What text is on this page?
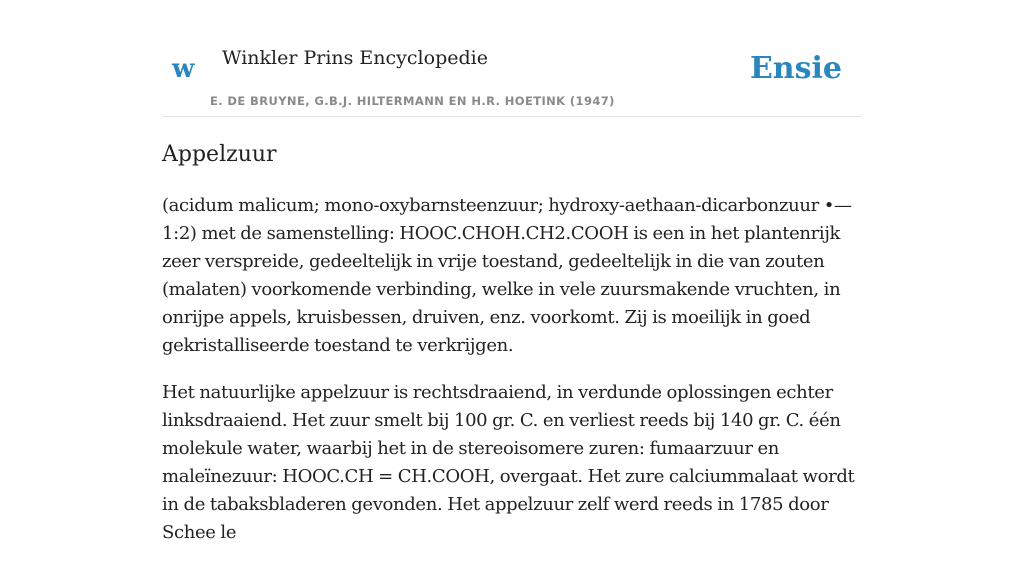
w Winkler Prins Encyclopedie
E. DE BRUYNE, G.B.J. HILTERMANN EN H.R. HOETINK (1947)
Ensie
Appelzuur

(acidum malicum; mono-oxybarnsteenzuur; hydroxy-aethaan-dicarbonzuur •— 1:2) met de samenstelling: HOOC.CHOH.CH2.COOH is een in het plantenrijk zeer verspreide, gedeeltelijk in vrije toestand, gedeeltelijk in die van zouten (malaten) voorkomende verbinding, welke in vele zuursmakende vruchten, in onrijpe appels, kruisbessen, druiven, enz. voorkomt. Zij is moeilijk in goed gekristalliseerde toestand te verkrijgen.

Het natuurlijke appelzuur is rechtsdraaiend, in verdunde oplossingen echter linksdraaiend. Het zuur smelt bij 100 gr. C. en verliest reeds bij 140 gr. C. één molekule water, waarbij het in de stereoisomere zuren: fumaarzuur en maleïnezuur: HOOC.CH = CH.COOH, overgaat. Het zure calciummalaat wordt in de tabaksbladeren gevonden. Het appelzuur zelf werd reeds in 1785 door Schee le
